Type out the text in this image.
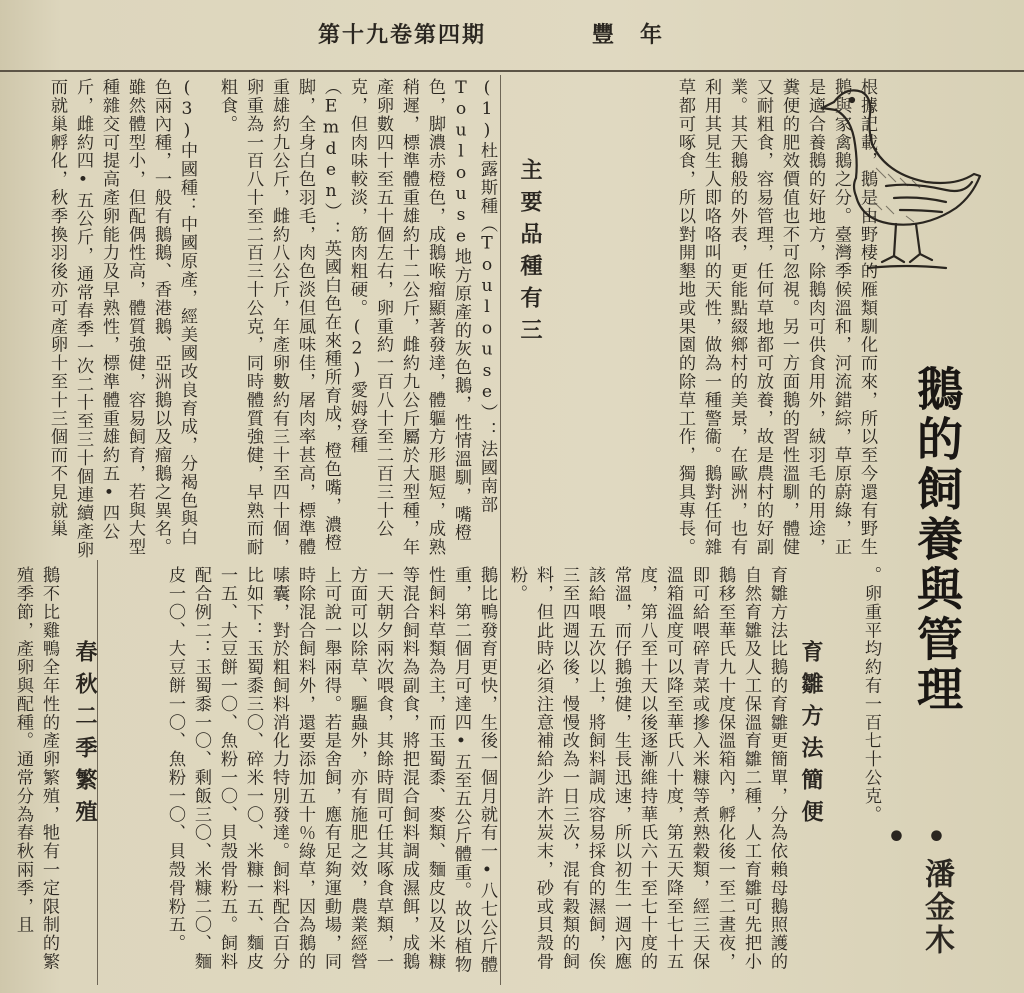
豐　年
第十九卷第四期
鵝的飼養與管理
•潘金木•
根據記載，鵝是由野棲的雁類馴化而來，所以至今還有野生鵝與家禽鵝之分。臺灣季候溫和，河流錯綜，草原蔚綠，正是適合養鵝的好地方，除鵝肉可供食用外，絨羽毛的用途，糞便的肥效價值也不可忽視。另一方面鵝的習性溫馴，體健又耐粗食，容易管理，任何草地都可放養，故是農村的好副業。其天鵝般的外表，更能點綴鄉村的美景，在歐洲，也有利用其見生人即咯咯叫的天性，做為一種警衞。鵝對任何雜草都可啄食，所以對開墾地或果園的除草工作，獨具專長。
主要品種有三
(1)杜露斯種（Toulouse）：法國南部Toulouse地方原產的灰色鵝，性情溫馴，嘴橙色，脚濃赤橙色，成鵝喉瘤顯著發達，體軀方形腿短，成熟稍遲，標準體重雄約十二公斤，雌約九公斤屬於大型種，年產卵數四十至五十個左右，卵重約一百八十至二百三十公克，但肉味較淡，筋肉粗硬。(2)愛姆登種（Emden）：英國白色在來種所育成，橙色嘴，濃橙脚，全身白色羽毛，肉色淡但風味佳，屠肉率甚高，標準體重雄約九公斤，雌約八公斤，年產卵數約有三十至四十個，卵重為一百八十至二百三十公克，同時體質強健，早熟而耐粗食。
(3)中國種：中國原產，經美國改良育成，分褐色與白色兩內種，一般有鵝鵝、香港鵝、亞洲鵝以及瘤鵝之異名。雖然體型小，但配偶性高，體質強健，容易飼育，若與大型種雜交可提高產卵能力及早熟性，標準體重雄約五•四公斤，雌約四•五公斤，通常春季一次二十至三十個連續產卵而就巢孵化，秋季換羽後亦可產卵十至十三個而不見就巢
。卵重平均約有一百七十公克。
育雛方法簡便
育雛方法比鵝的育雛更簡單，分為依賴母鵝照護的自然育雛及人工保溫育雛二種，人工育雛可先把小鵝移至華氏九十度保溫箱內，孵化後一至二晝夜，即可給喂碎青菜或摻入米糠等煮熟穀類，經三天保溫箱溫度可以降至華氏八十度，第五天降至七十五度，第八至十天以後逐漸維持華氏六十至七十度的常溫，而仔鵝強健，生長迅速，所以初生一週內應該給喂五次以上，將飼料調成容易採食的濕飼，俟三至四週以後，慢慢改為一日三次，混有穀類的飼料，但此時必須注意補給少許木炭末，砂或貝殼骨粉。
鵝比鴨發育更快，生後一個月就有一•八七公斤體重，第二個月可達四•五至五公斤體重。故以植物性飼料草類為主，而玉蜀黍、麥類、麵皮以及米糠等混合飼料為副食，將把混合飼料調成濕餌，成鵝一天朝夕兩次喂食，其餘時間可任其啄食草類，一方面可以除草、驅蟲外，亦有施肥之效，農業經營上可說一舉兩得。若是舍飼，應有足夠運動場，同時除混合飼料外，還要添加五十％綠草，因為鵝的嗉囊，對於粗飼料消化力特別發達。飼料配合百分比如下：玉蜀黍三〇、碎米一〇、米糠一五、麵皮一五、大豆餅一〇、魚粉一〇、貝殼骨粉五。飼料配合例二：玉蜀黍一〇、剩飯三〇、米糠二〇、麵皮一〇、大豆餅一〇、魚粉一〇、貝殼骨粉五。
春秋二季繁殖
鵝不比雞鴨全年性的產卵繁殖，牠有一定限制的繁殖季節，產卵與配種。通常分為春秋兩季，且
